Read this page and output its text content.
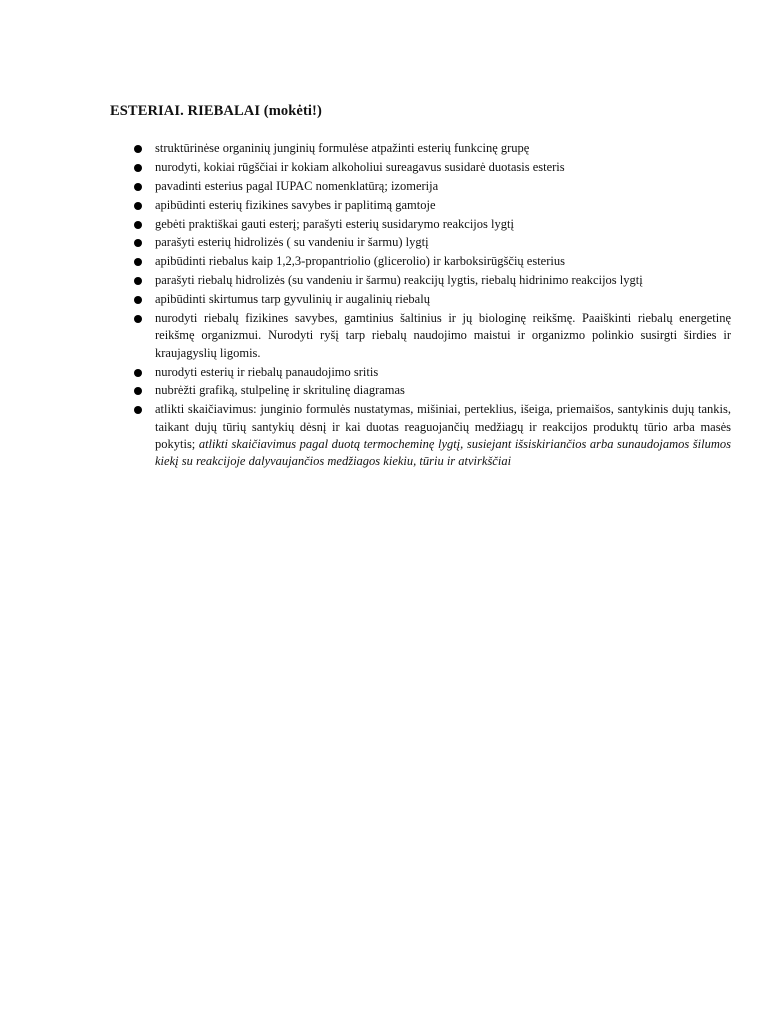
ESTERIAI. RIEBALAI (mokėti!)
struktūrinėse organinių junginių formulėse atpažinti esterių funkcinę grupę
nurodyti, kokiai rūgščiai ir kokiam alkoholiui sureagavus susidarė duotasis esteris
pavadinti esterius pagal IUPAC nomenklatūrą; izomerija
apibūdinti esterių fizikines savybes ir paplitimą gamtoje
gebėti praktiškai gauti esterį; parašyti esterių susidarymo reakcijos lygtį
parašyti esterių hidrolizės ( su vandeniu ir šarmu) lygtį
apibūdinti riebalus kaip 1,2,3-propantriolio (glicerolio) ir karboksirūgščių esterius
parašyti riebalų hidrolizės (su vandeniu ir šarmu) reakcijų lygtis, riebalų hidrinimo reakcijos lygtį
apibūdinti skirtumus tarp gyvulinių ir augalinių riebalų
nurodyti riebalų fizikines savybes, gamtinius šaltinius ir jų biologinę reikšmę. Paaiškinti riebalų energetinę reikšmę organizmui. Nurodyti ryšį tarp riebalų naudojimo maistui ir organizmo polinkio susirgti širdies ir kraujagyslių ligomis.
nurodyti esterių ir riebalų panaudojimo sritis
nubrėžti grafiką, stulpelinę ir skritulinę diagramas
atlikti skaičiavimus: junginio formulės nustatymas, mišiniai, perteklius, išeiga, priemaišos, santykinis dujų tankis, taikant dujų tūrių santykių dėsnį ir kai duotas reaguojančių medžiagų ir reakcijos produktų tūrio arba masės pokytis; atlikti skaičiavimus pagal duotą termocheminę lygtį, susiejant išsiskiriančios arba sunaudojamos šilumos kiekį su reakcijoje dalyvaujančios medžiagos kiekiu, tūriu ir atvirkščiai
